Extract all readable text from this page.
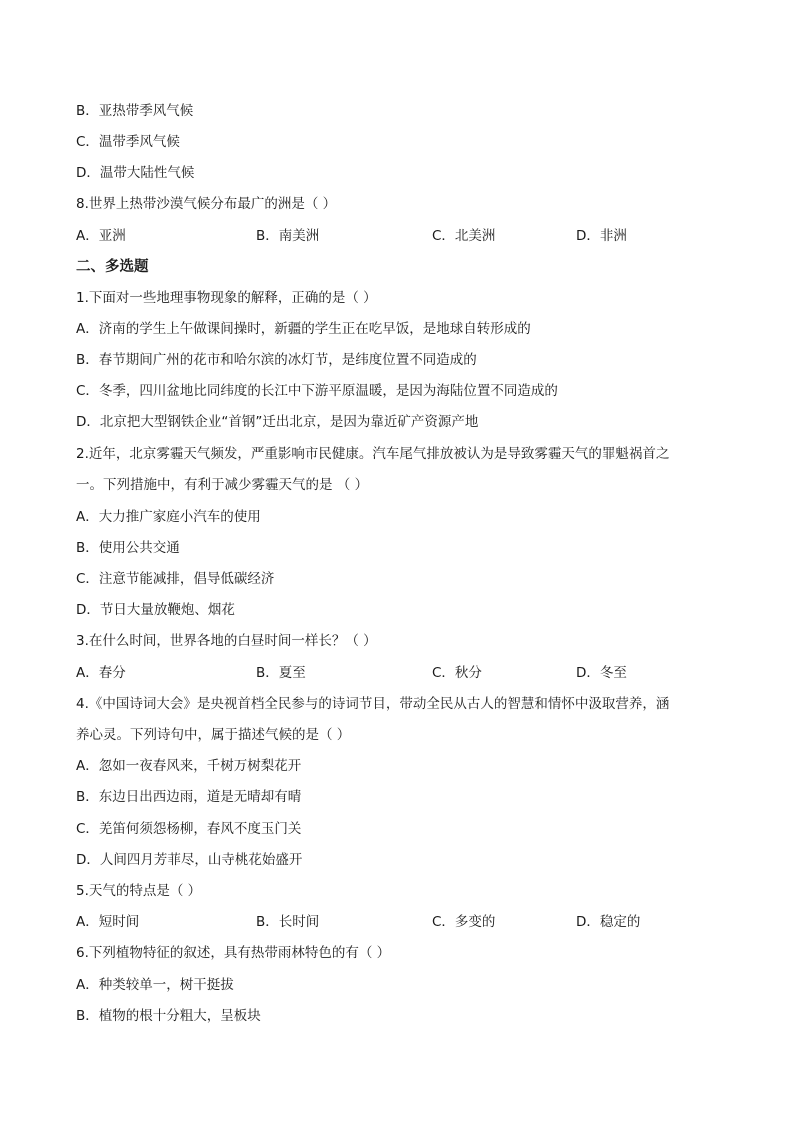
B．亚热带季风气候

C．温带季风气候

D．温带大陆性气候

8.世界上热带沙漠气候分布最广的洲是（ ）

A．亚洲	B．南美洲	C．北美洲	D．非洲

二、多选题

1.下面对一些地理事物现象的解释，正确的是（ ）

A．济南的学生上午做课间操时，新疆的学生正在吃早饭，是地球自转形成的

B．春节期间广州的花市和哈尔滨的冰灯节，是纬度位置不同造成的

C．冬季，四川盆地比同纬度的长江中下游平原温暖，是因为海陆位置不同造成的

D．北京把大型钢铁企业“首钢”迁出北京，是因为靠近矿产资源产地

2.近年，北京雾霾天气频发，严重影响市民健康。汽车尾气排放被认为是导致雾霾天气的罪魁祸首之

一。下列措施中，有利于减少雾霾天气的是 （ ）

A．大力推广家庭小汽车的使用

B．使用公共交通

C．注意节能减排，倡导低碳经济

D．节日大量放鞭炮、烟花

3.在什么时间，世界各地的白昼时间一样长？（ ）

A．春分	B．夏至	C．秋分	D．冬至

4.《中国诗词大会》是央视首档全民参与的诗词节目，带动全民从古人的智慧和情怀中汲取营养，涵

养心灵。下列诗句中，属于描述气候的是（ ）

A．忽如一夜春风来，千树万树梨花开

B．东边日出西边雨，道是无晴却有晴

C．羌笛何须怨杨柳，春风不度玉门关

D．人间四月芳菲尽，山寺桃花始盛开

5.天气的特点是（ ）

A．短时间	B．长时间	C．多变的	D．稳定的

6.下列植物特征的叙述，具有热带雨林特色的有（ ）

A．种类较单一，树干挺拔

B．植物的根十分粗大，呈板块
